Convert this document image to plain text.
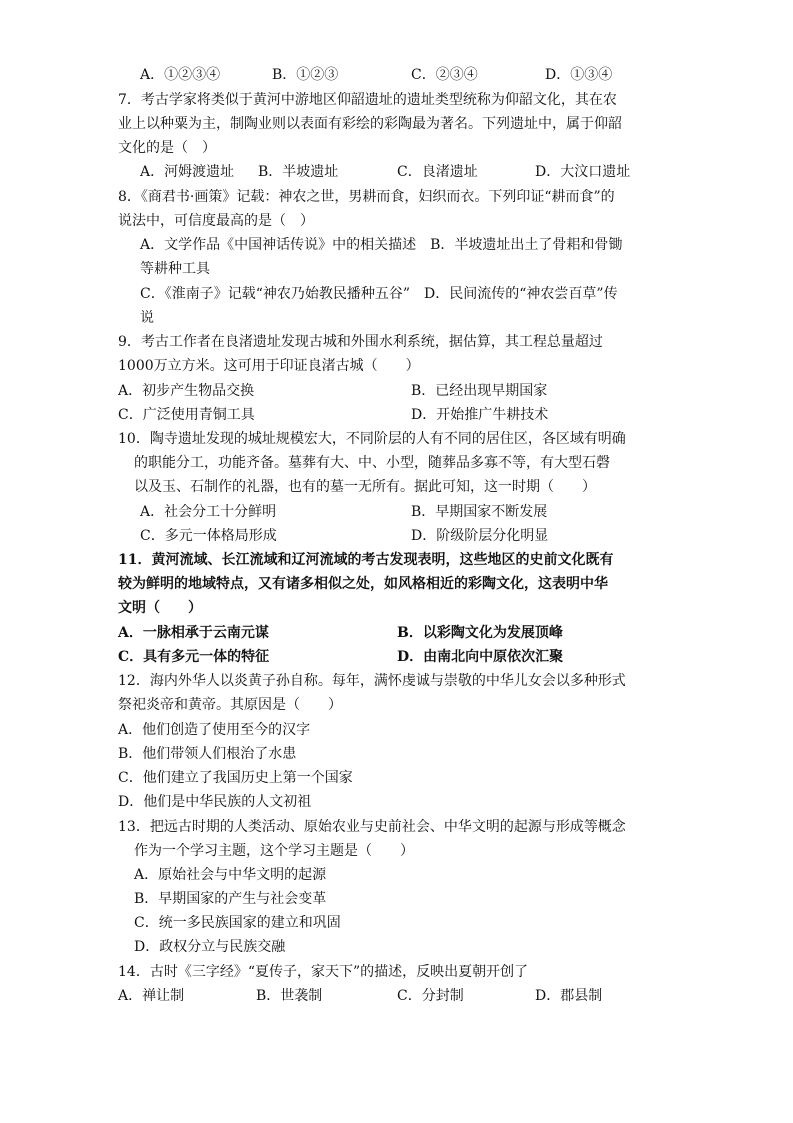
A．①②③④	B．①②③	C．②③④	D．①③④
7．考古学家将类似于黄河中游地区仰韶遗址的遗址类型统称为仰韶文化，其在农
业上以种粟为主，制陶业则以表面有彩绘的彩陶最为著名。下列遗址中，属于仰韶
文化的是（　）
A．河姆渡遗址 B．半坡遗址	C．良渚遗址	D．大汶口遗址
8．《商君书·画策》记载：神农之世，男耕而食，妇织而衣。下列印证“耕而食”的
说法中，可信度最高的是（　）
A．文学作品《中国神话传说》中的相关描述　B．半坡遗址出土了骨耜和骨锄
等耕种工具
C．《淮南子》记载“神农乃始教民播种五谷”　D．民间流传的“神农尝百草”传
说
9．考古工作者在良渚遗址发现古城和外围水利系统，据估算，其工程总量超过
1000万立方米。这可用于印证良渚古城（　　）
A．初步产生物品交换	B．已经出现早期国家
C．广泛使用青铜工具	D．开始推广牛耕技术
10．陶寺遗址发现的城址规模宏大，不同阶层的人有不同的居住区，各区域有明确
的职能分工，功能齐备。墓葬有大、中、小型，随葬品多寡不等，有大型石磬
以及玉、石制作的礼器，也有的墓一无所有。据此可知，这一时期（　　）
A．社会分工十分鲜明	B．早期国家不断发展
C．多元一体格局形成	D．阶级阶层分化明显
11．黄河流域、长江流域和辽河流域的考古发现表明，这些地区的史前文化既有
较为鲜明的地域特点，又有诸多相似之处，如风格相近的彩陶文化，这表明中华
文明（　　）
A．一脉相承于云南元谋	B．以彩陶文化为发展顶峰
C．具有多元一体的特征	D．由南北向中原依次汇聚
12．海内外华人以炎黄子孙自称。每年，满怀虔诚与崇敬的中华儿女会以多种形式
祭祀炎帝和黄帝。其原因是（　　）
A．他们创造了使用至今的汉字
B．他们带领人们根治了水患
C．他们建立了我国历史上第一个国家
D．他们是中华民族的人文初祖
13．把远古时期的人类活动、原始农业与史前社会、中华文明的起源与形成等概念
作为一个学习主题，这个学习主题是（　　）
A．原始社会与中华文明的起源
B．早期国家的产生与社会变革
C．统一多民族国家的建立和巩固
D．政权分立与民族交融
14．古时《三字经》“夏传子，家天下”的描述，反映出夏朝开创了
A．禅让制	B．世袭制	C．分封制	D．郡县制
